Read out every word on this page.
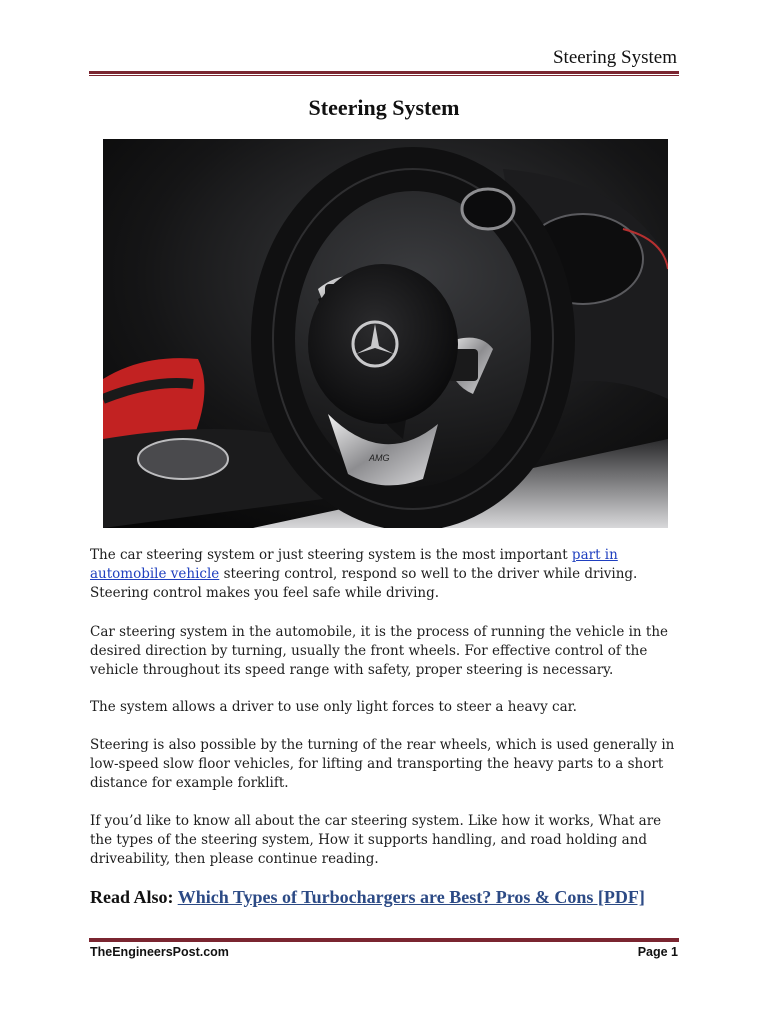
Steering System
Steering System
AMG

The car steering system or just steering system is the most important part in automobile vehicle steering control, respond so well to the driver while driving. Steering control makes you feel safe while driving.

Car steering system in the automobile, it is the process of running the vehicle in the desired direction by turning, usually the front wheels. For effective control of the vehicle throughout its speed range with safety, proper steering is necessary.

The system allows a driver to use only light forces to steer a heavy car.

Steering is also possible by the turning of the rear wheels, which is used generally in low-speed slow floor vehicles, for lifting and transporting the heavy parts to a short distance for example forklift.

If you’d like to know all about the car steering system. Like how it works, What are the types of the steering system, How it supports handling, and road holding and driveability, then please continue reading.

Read Also: Which Types of Turbochargers are Best? Pros & Cons [PDF]
TheEngineersPost.com	Page 1
